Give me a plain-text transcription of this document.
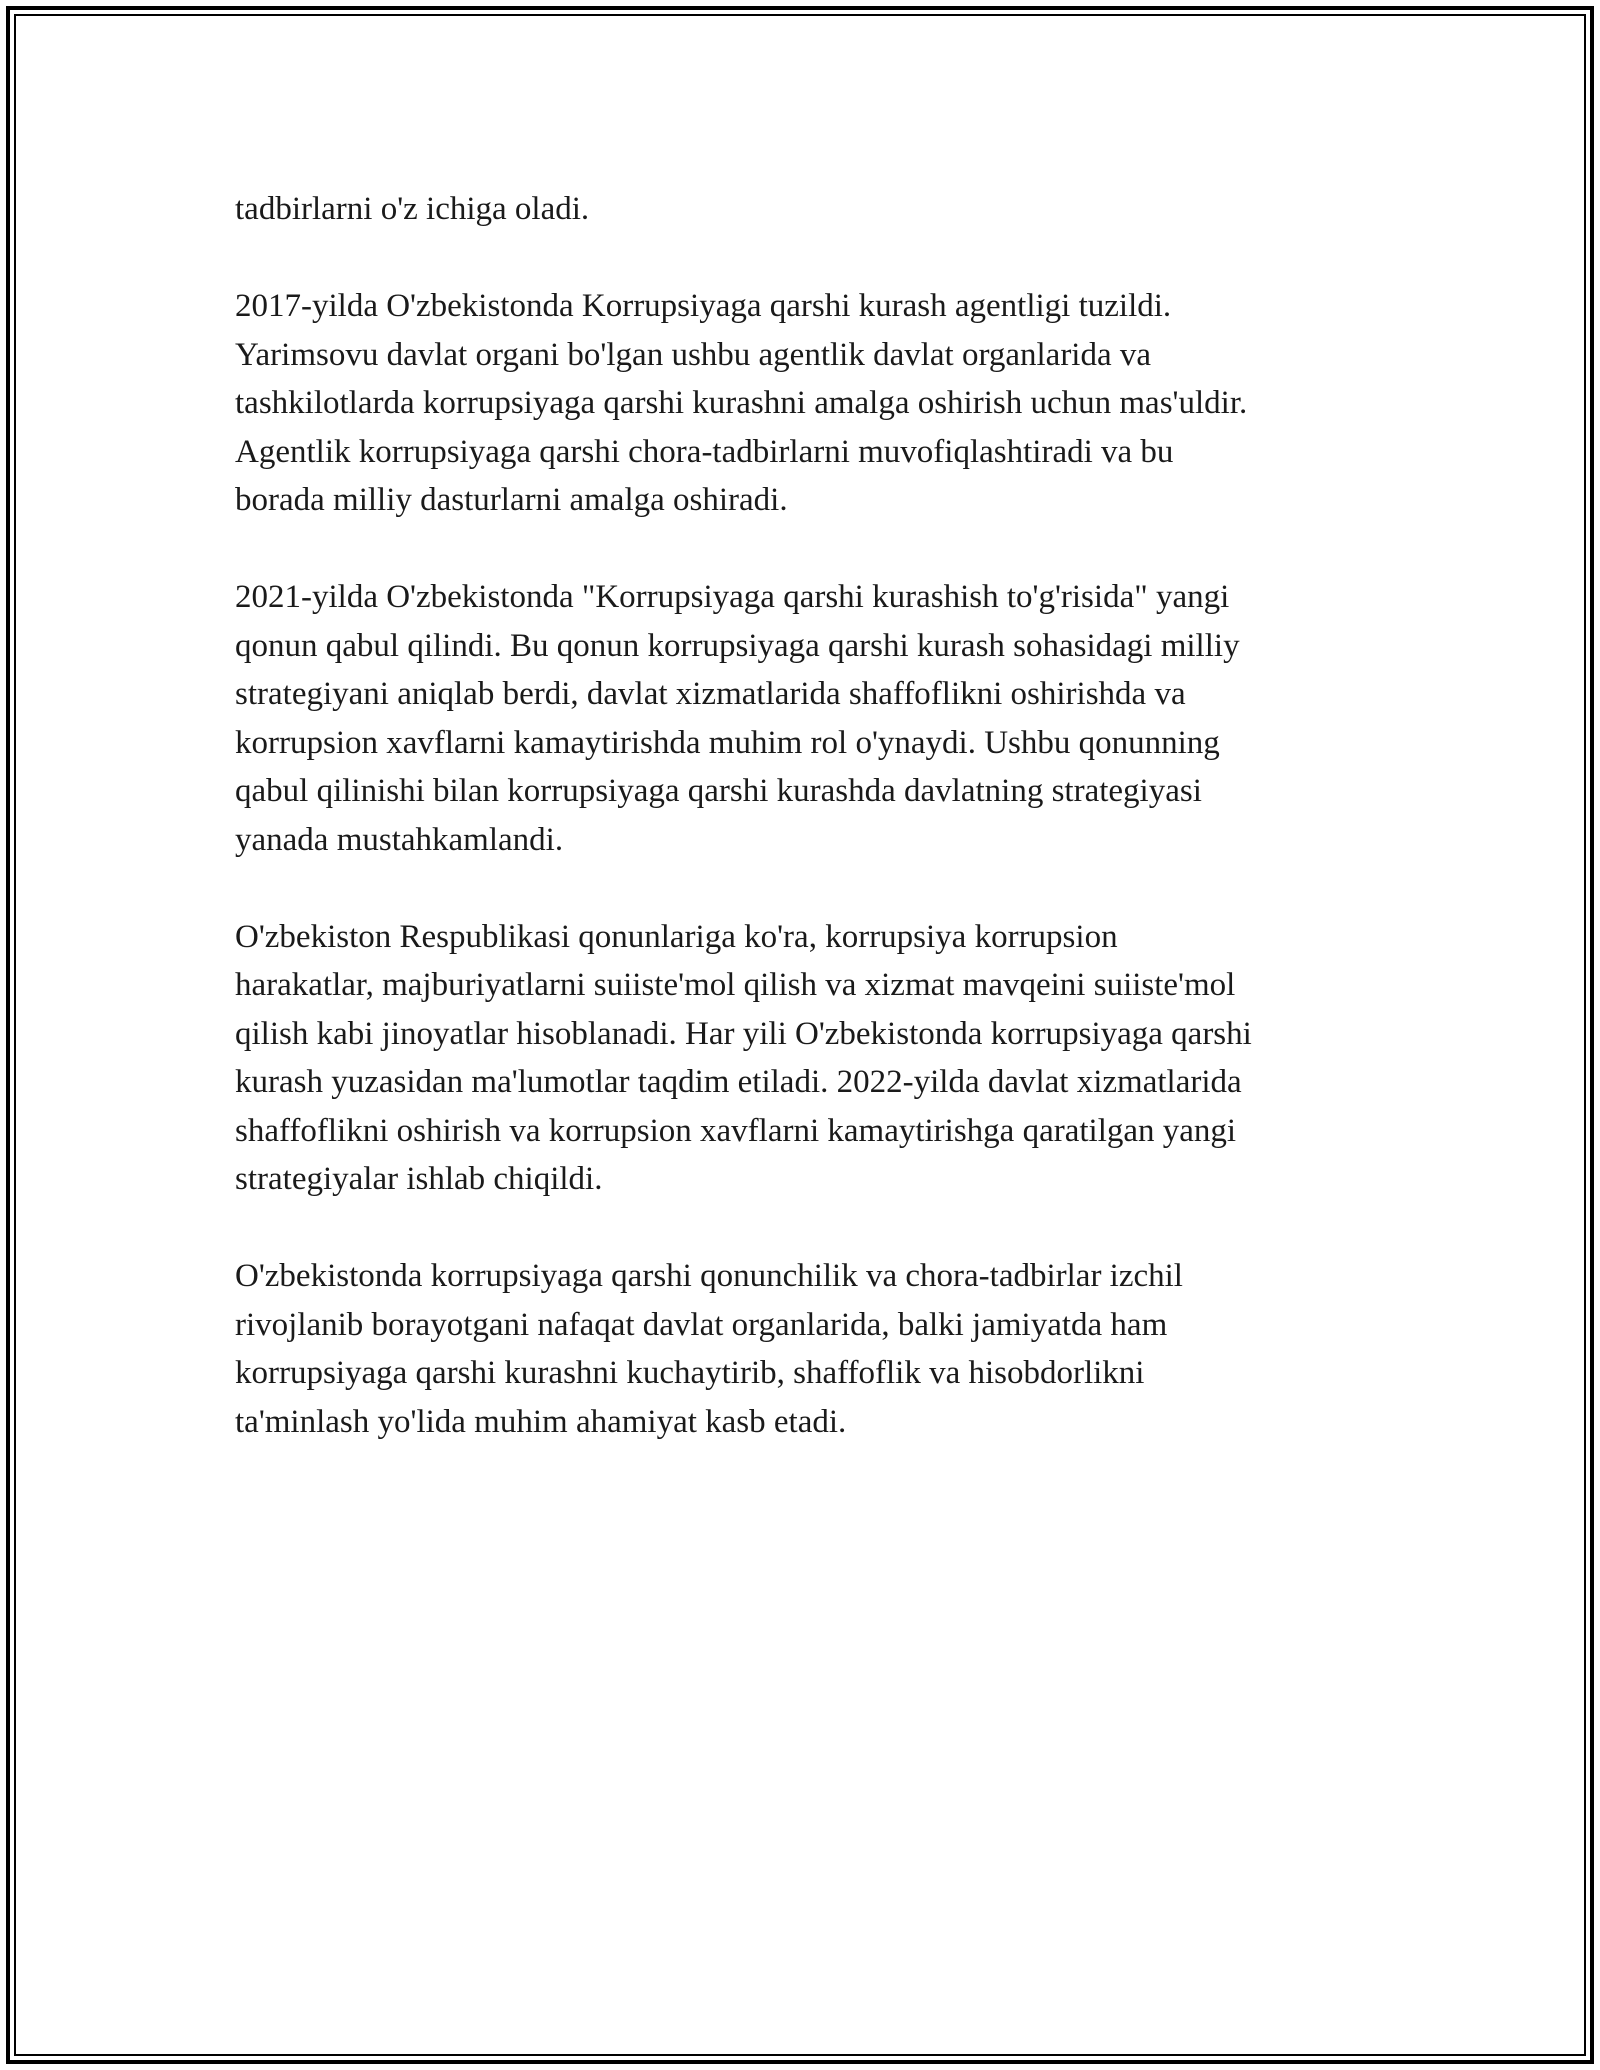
tadbirlarni o'z ichiga oladi.

2017-yilda O'zbekistonda Korrupsiyaga qarshi kurash agentligi tuzildi.
Yarimsovu davlat organi bo'lgan ushbu agentlik davlat organlarida va
tashkilotlarda korrupsiyaga qarshi kurashni amalga oshirish uchun mas'uldir.
Agentlik korrupsiyaga qarshi chora-tadbirlarni muvofiqlashtiradi va bu
borada milliy dasturlarni amalga oshiradi.

2021-yilda O'zbekistonda "Korrupsiyaga qarshi kurashish to'g'risida" yangi
qonun qabul qilindi. Bu qonun korrupsiyaga qarshi kurash sohasidagi milliy
strategiyani aniqlab berdi, davlat xizmatlarida shaffoflikni oshirishda va
korrupsion xavflarni kamaytirishda muhim rol o'ynaydi. Ushbu qonunning
qabul qilinishi bilan korrupsiyaga qarshi kurashda davlatning strategiyasi
yanada mustahkamlandi.

O'zbekiston Respublikasi qonunlariga ko'ra, korrupsiya korrupsion
harakatlar, majburiyatlarni suiiste'mol qilish va xizmat mavqeini suiiste'mol
qilish kabi jinoyatlar hisoblanadi. Har yili O'zbekistonda korrupsiyaga qarshi
kurash yuzasidan ma'lumotlar taqdim etiladi. 2022-yilda davlat xizmatlarida
shaffoflikni oshirish va korrupsion xavflarni kamaytirishga qaratilgan yangi
strategiyalar ishlab chiqildi.

O'zbekistonda korrupsiyaga qarshi qonunchilik va chora-tadbirlar izchil
rivojlanib borayotgani nafaqat davlat organlarida, balki jamiyatda ham
korrupsiyaga qarshi kurashni kuchaytirib, shaffoflik va hisobdorlikni
ta'minlash yo'lida muhim ahamiyat kasb etadi.
